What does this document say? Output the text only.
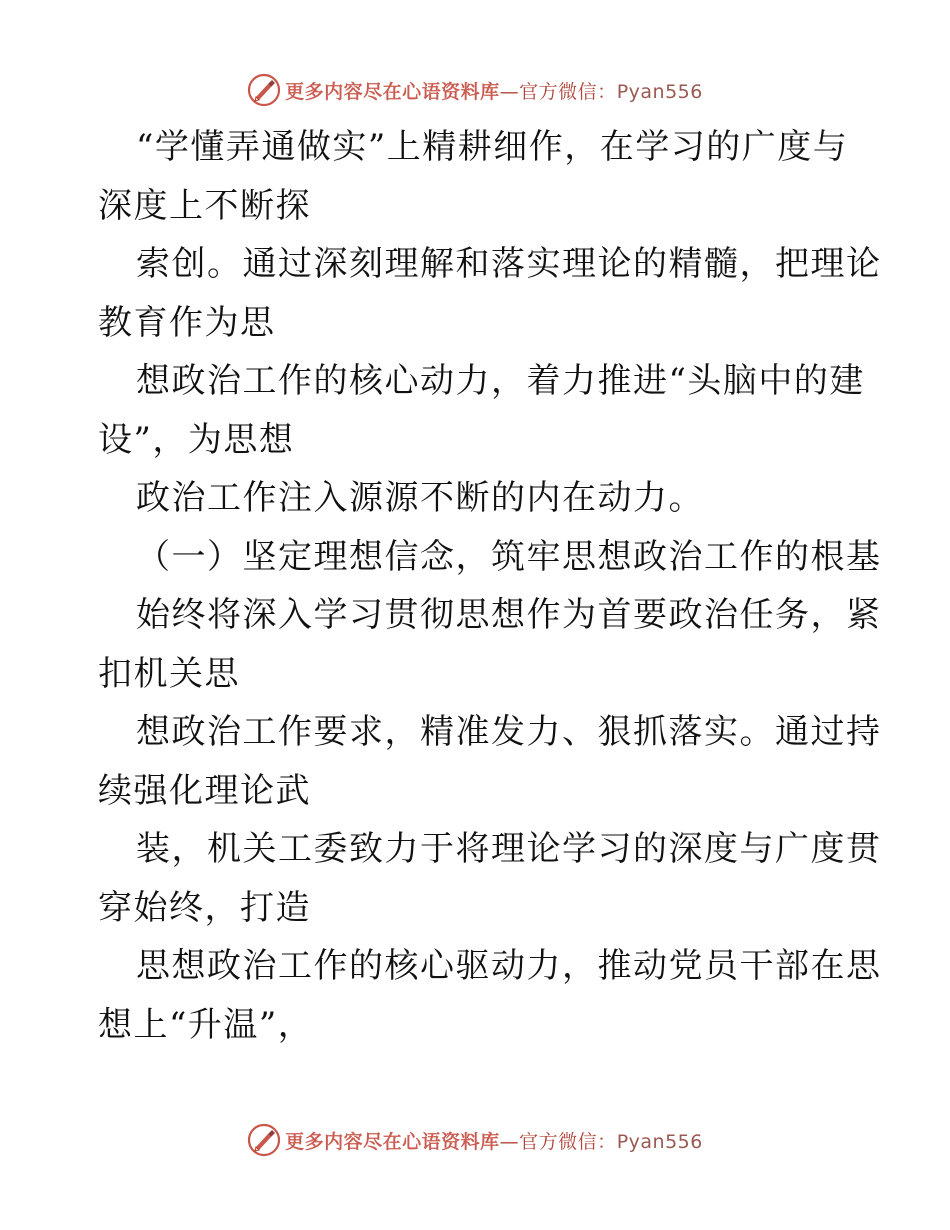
更多内容尽在心语资料库—官方微信：Pyan556
“学懂弄通做实”上精耕细作，在学习的广度与
深度上不断探
索创。通过深刻理解和落实理论的精髓，把理论
教育作为思
想政治工作的核心动力，着力推进“头脑中的建
设”，为思想
政治工作注入源源不断的内在动力。
（一）坚定理想信念，筑牢思想政治工作的根基
始终将深入学习贯彻思想作为首要政治任务，紧
扣机关思
想政治工作要求，精准发力、狠抓落实。通过持
续强化理论武
装，机关工委致力于将理论学习的深度与广度贯
穿始终，打造
思想政治工作的核心驱动力，推动党员干部在思
想上“升温”，
更多内容尽在心语资料库—官方微信：Pyan556
